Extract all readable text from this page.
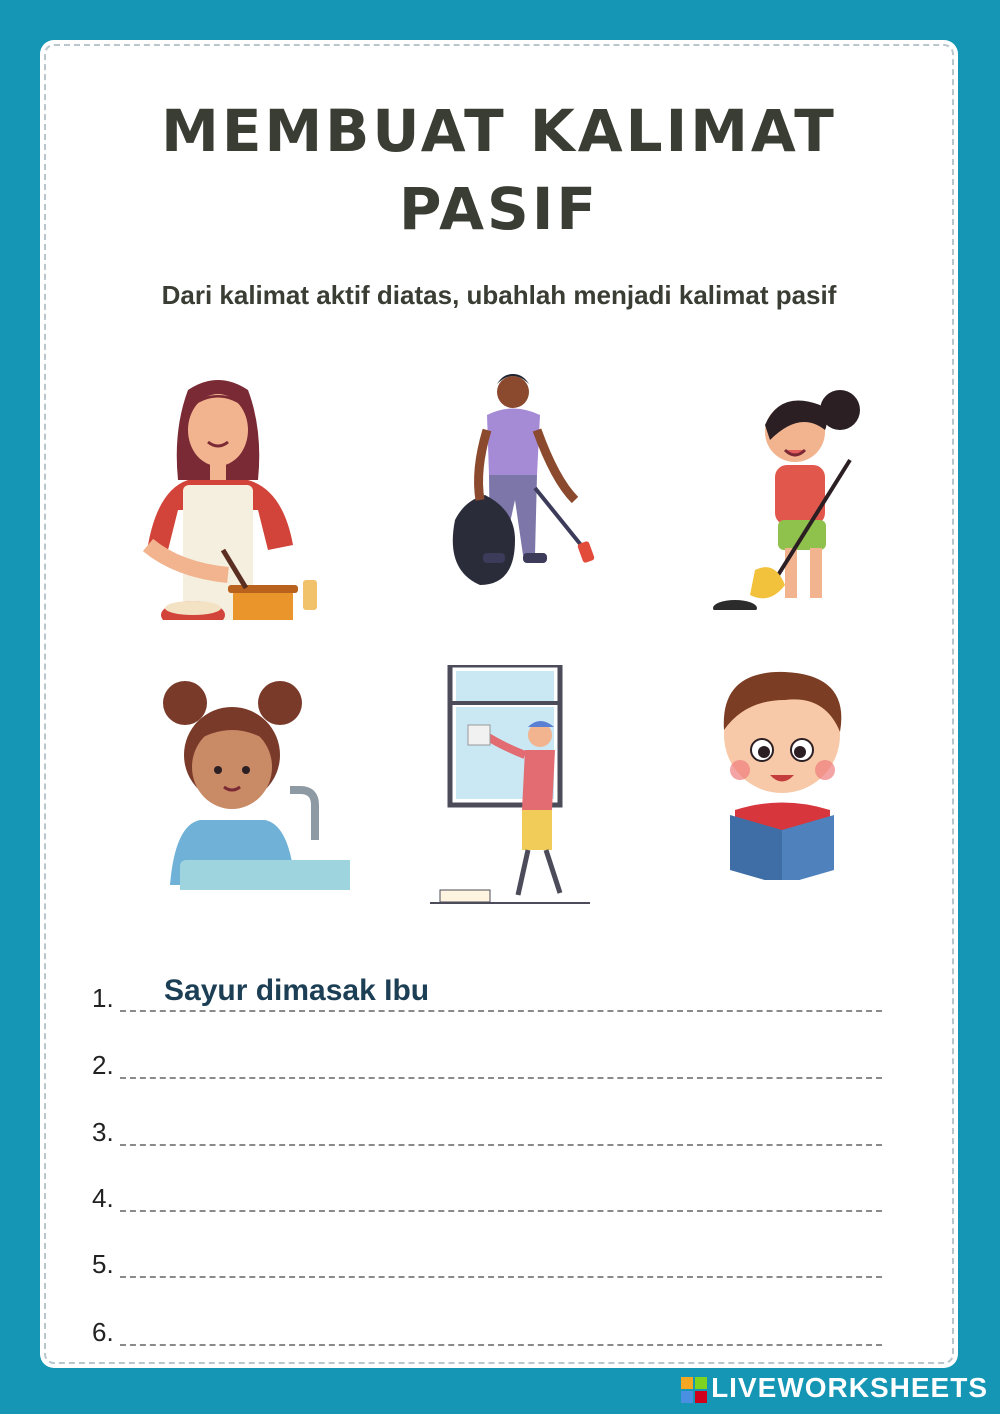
MEMBUAT KALIMAT
PASIF
Dari kalimat aktif diatas, ubahlah menjadi kalimat pasif
1. Sayur dimasak Ibu
2.
3.
4.
5.
6.
LIVEWORKSHEETS
